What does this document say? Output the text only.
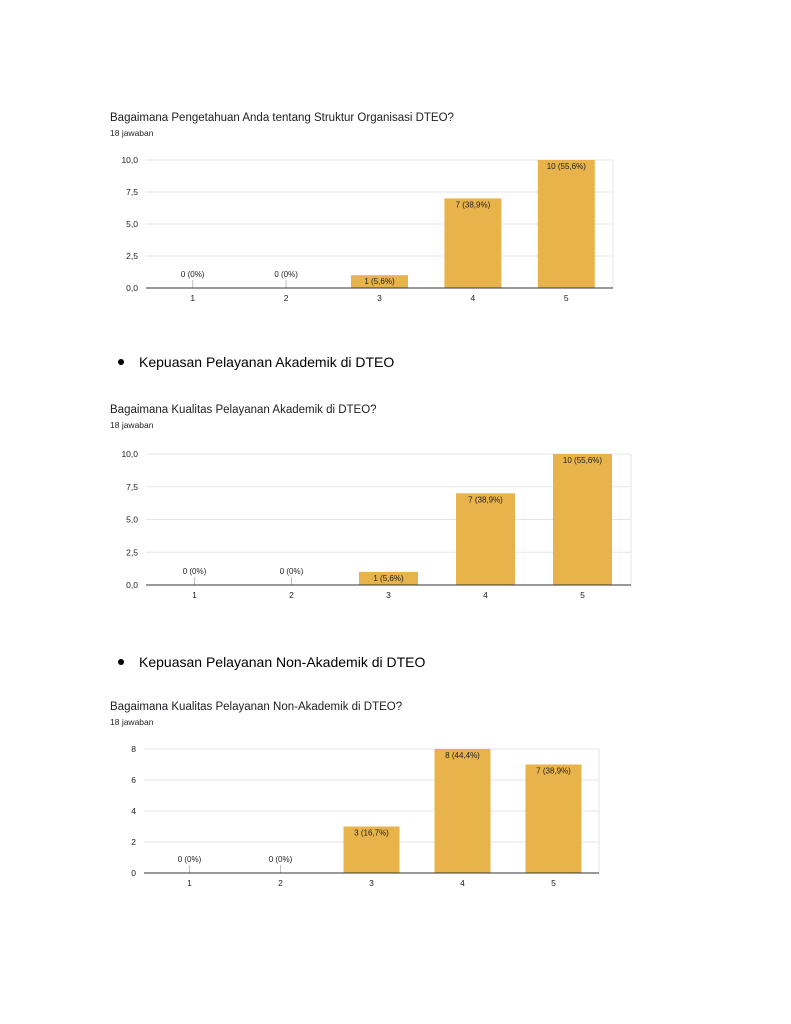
Bagaimana Pengetahuan Anda tentang Struktur Organisasi DTEO?
18 jawaban
0,0
2,5
5,0
7,5
10,0
0 (0%)
1
0 (0%)
2
1 (5,6%)
3
7 (38,9%)
4
10 (55,6%)
5
Kepuasan Pelayanan Akademik di DTEO
Bagaimana Kualitas Pelayanan Akademik di DTEO?
18 jawaban
0,0
2,5
5,0
7,5
10,0
0 (0%)
1
0 (0%)
2
1 (5,6%)
3
7 (38,9%)
4
10 (55,6%)
5
Kepuasan Pelayanan Non-Akademik di DTEO
Bagaimana Kualitas Pelayanan Non-Akademik di DTEO?
18 jawaban
0
2
4
6
8
0 (0%)
1
0 (0%)
2
3 (16,7%)
3
8 (44,4%)
4
7 (38,9%)
5
